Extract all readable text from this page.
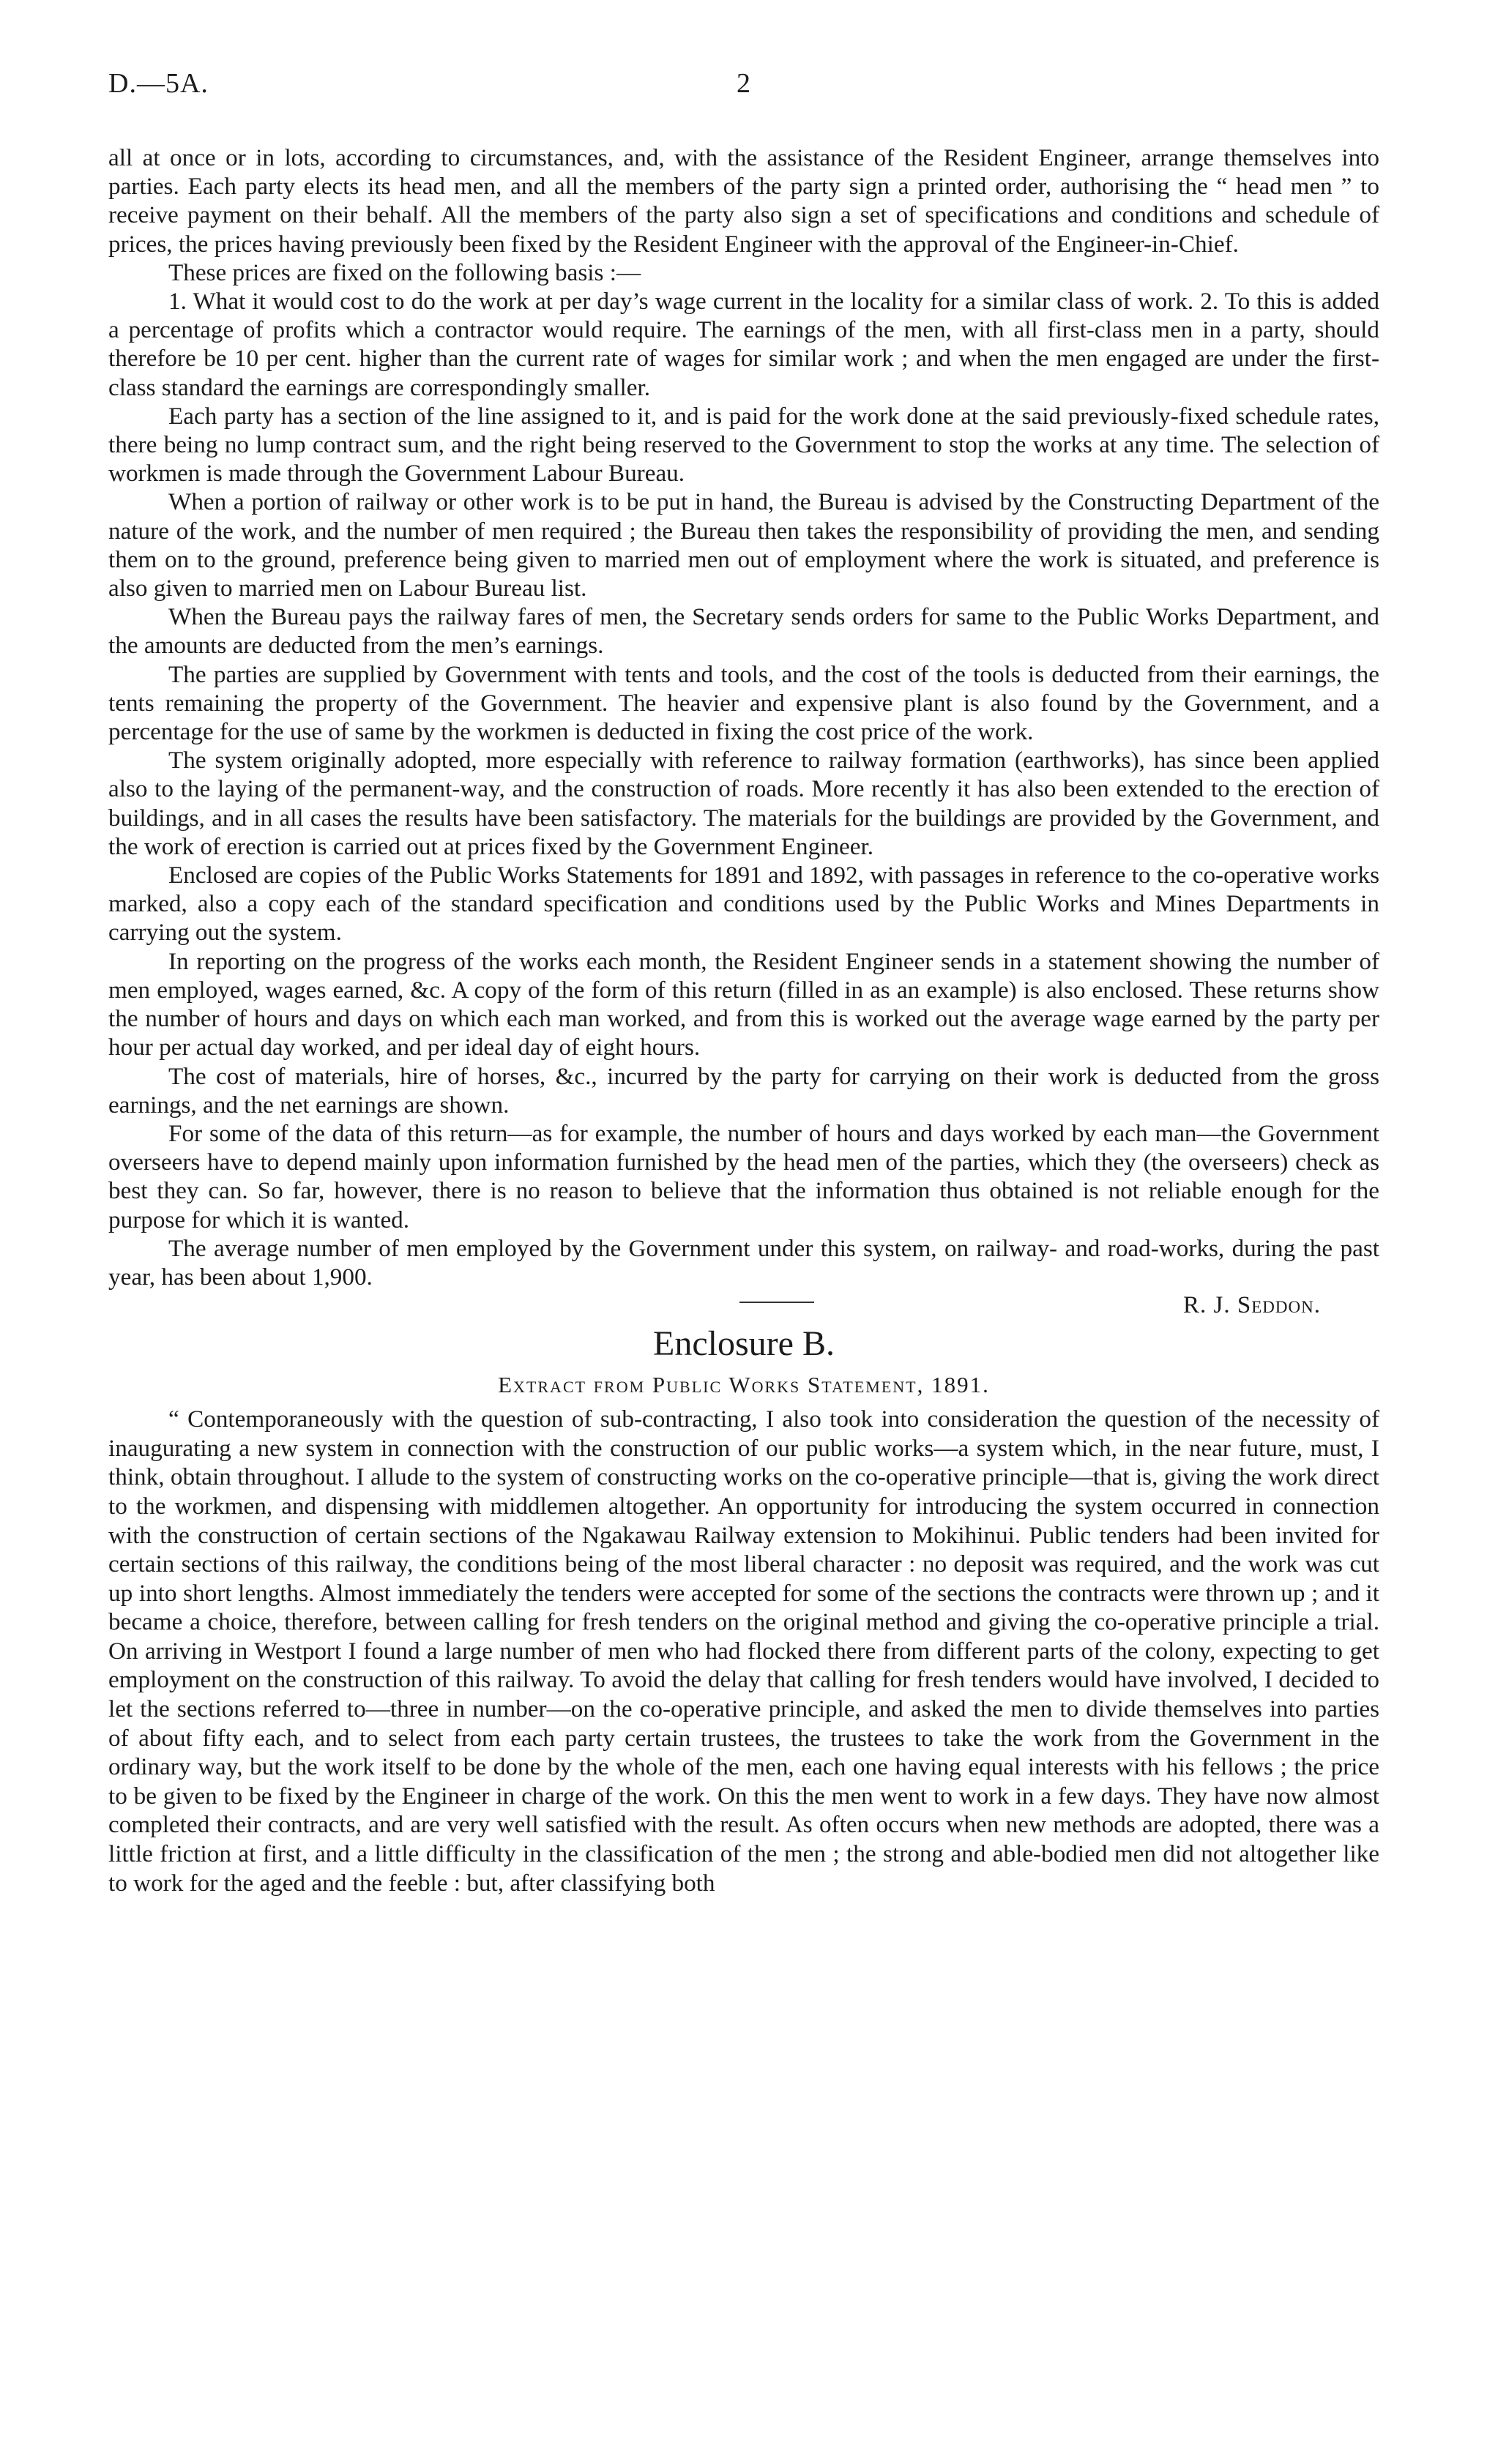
D.—5A.	2

all at once or in lots, according to circumstances, and, with the assistance of the Resident Engineer, arrange themselves into parties. Each party elects its head men, and all the members of the party sign a printed order, authorising the “ head men ” to receive payment on their behalf. All the members of the party also sign a set of specifications and conditions and schedule of prices, the prices having previously been fixed by the Resident Engineer with the approval of the Engineer-in-Chief.

These prices are fixed on the following basis :—

1. What it would cost to do the work at per day’s wage current in the locality for a similar class of work. 2. To this is added a percentage of profits which a contractor would require. The earnings of the men, with all first-class men in a party, should therefore be 10 per cent. higher than the current rate of wages for similar work ; and when the men engaged are under the first-class standard the earnings are correspondingly smaller.

Each party has a section of the line assigned to it, and is paid for the work done at the said previously-fixed schedule rates, there being no lump contract sum, and the right being reserved to the Government to stop the works at any time. The selection of workmen is made through the Government Labour Bureau.

When a portion of railway or other work is to be put in hand, the Bureau is advised by the Constructing Department of the nature of the work, and the number of men required ; the Bureau then takes the responsibility of providing the men, and sending them on to the ground, preference being given to married men out of employment where the work is situated, and preference is also given to married men on Labour Bureau list.

When the Bureau pays the railway fares of men, the Secretary sends orders for same to the Public Works Department, and the amounts are deducted from the men’s earnings.

The parties are supplied by Government with tents and tools, and the cost of the tools is deducted from their earnings, the tents remaining the property of the Government. The heavier and expensive plant is also found by the Government, and a percentage for the use of same by the workmen is deducted in fixing the cost price of the work.

The system originally adopted, more especially with reference to railway formation (earthworks), has since been applied also to the laying of the permanent-way, and the construction of roads. More recently it has also been extended to the erection of buildings, and in all cases the results have been satisfactory. The materials for the buildings are provided by the Government, and the work of erection is carried out at prices fixed by the Government Engineer.

Enclosed are copies of the Public Works Statements for 1891 and 1892, with passages in reference to the co-operative works marked, also a copy each of the standard specification and conditions used by the Public Works and Mines Departments in carrying out the system.

In reporting on the progress of the works each month, the Resident Engineer sends in a statement showing the number of men employed, wages earned, &c. A copy of the form of this return (filled in as an example) is also enclosed. These returns show the number of hours and days on which each man worked, and from this is worked out the average wage earned by the party per hour per actual day worked, and per ideal day of eight hours.

The cost of materials, hire of horses, &c., incurred by the party for carrying on their work is deducted from the gross earnings, and the net earnings are shown.

For some of the data of this return—as for example, the number of hours and days worked by each man—the Government overseers have to depend mainly upon information furnished by the head men of the parties, which they (the overseers) check as best they can. So far, however, there is no reason to believe that the information thus obtained is not reliable enough for the purpose for which it is wanted.

The average number of men employed by the Government under this system, on railway- and road-works, during the past year, has been about 1,900.

R. J. Seddon.
Enclosure B.
Extract from Public Works Statement, 1891.

“ Contemporaneously with the question of sub-contracting, I also took into consideration the question of the necessity of inaugurating a new system in connection with the construction of our public works—a system which, in the near future, must, I think, obtain throughout. I allude to the system of constructing works on the co-operative principle—that is, giving the work direct to the workmen, and dispensing with middlemen altogether. An opportunity for introducing the system occurred in connection with the construction of certain sections of the Ngakawau Railway extension to Mokihinui. Public tenders had been invited for certain sections of this railway, the conditions being of the most liberal character : no deposit was required, and the work was cut up into short lengths. Almost immediately the tenders were accepted for some of the sections the contracts were thrown up ; and it became a choice, therefore, between calling for fresh tenders on the original method and giving the co-operative principle a trial. On arriving in Westport I found a large number of men who had flocked there from different parts of the colony, expecting to get employment on the construction of this railway. To avoid the delay that calling for fresh tenders would have involved, I decided to let the sections referred to—three in number—on the co-operative principle, and asked the men to divide themselves into parties of about fifty each, and to select from each party certain trustees, the trustees to take the work from the Government in the ordinary way, but the work itself to be done by the whole of the men, each one having equal interests with his fellows ; the price to be given to be fixed by the Engineer in charge of the work. On this the men went to work in a few days. They have now almost completed their contracts, and are very well satisfied with the result. As often occurs when new methods are adopted, there was a little friction at first, and a little difficulty in the classification of the men ; the strong and able-bodied men did not altogether like to work for the aged and the feeble : but, after classifying both
